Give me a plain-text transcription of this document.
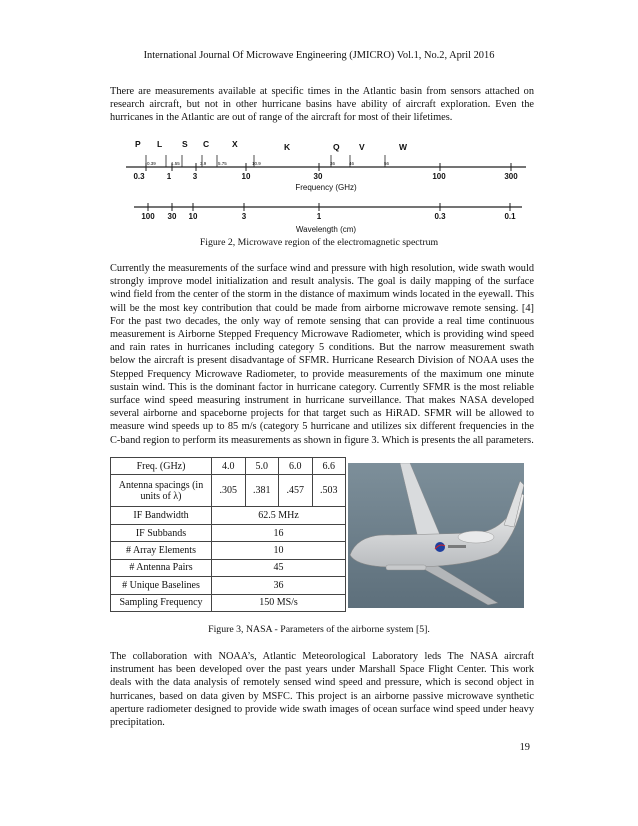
International Journal Of Microwave Engineering (JMICRO) Vol.1, No.2, April 2016

There are measurements available at specific times in the Atlantic basin from sensors attached on research aircraft, but not in other hurricane basins have ability of aircraft exploration. Even the hurricanes in the Atlantic are out of range of the aircraft for most of their lifetimes.

P L S C	X	K	Q V	W
0.39	1.55	3.9	5.75	10.9	36	46	56
0.3	1	3	10	30	100	300
Frequency (GHz)
100 30 10	3	1	0.3	0.1
Wavelength (cm)
Figure 2, Microwave region of the electromagnetic spectrum

Currently the measurements of the surface wind and pressure with high resolution, wide swath would strongly improve model initialization and result analysis. The goal is daily mapping of the surface wind field from the center of the storm in the distance of maximum winds located in the eyewall. This will be the most key contribution that could be made from airborne microwave remote sensing. [4] For the past two decades, the only way of remote sensing that can provide a real time continuous measurement is Airborne Stepped Frequency Microwave Radiometer, which is providing wind speed and rain rates in hurricanes including category 5 conditions. But the narrow measurement swath below the aircraft is present disadvantage of SFMR. Hurricane Research Division of NOAA uses the Stepped Frequency Microwave Radiometer, to provide measurements of the maximum one minute sustain wind. This is the dominant factor in hurricane category. Currently SFMR is the most reliable surface wind speed measuring instrument in hurricane surveillance. That makes NASA developed several airborne and spaceborne projects for that target such as HiRAD. SFMR will be allowed to measure wind speeds up to 85 m/s (category 5 hurricane and utilizes six different frequencies in the C-band region to perform its measurements as shown in figure 3. Which is presents the all parameters.

Freq. (GHz)	4.0	5.0	6.0	6.6
Antenna spacings (in units of λ)	.305	.381	.457	.503
IF Bandwidth	62.5 MHz			
IF Subbands	16			
# Array Elements	10			
# Antenna Pairs	45			
# Unique Baselines	36			
Sampling Frequency	150 MS/s			
Figure 3, NASA - Parameters of the airborne system [5].

The collaboration with NOAA’s, Atlantic Meteorological Laboratory leds The NASA aircraft instrument has been developed over the past years under Marshall Space Flight Center. This work deals with the data analysis of remotely sensed wind speed and pressure, which is second object in hurricanes, based on data given by MSFC. This project is an airborne passive microwave synthetic aperture radiometer designed to provide wide swath images of ocean surface wind speed under heavy precipitation.

19
